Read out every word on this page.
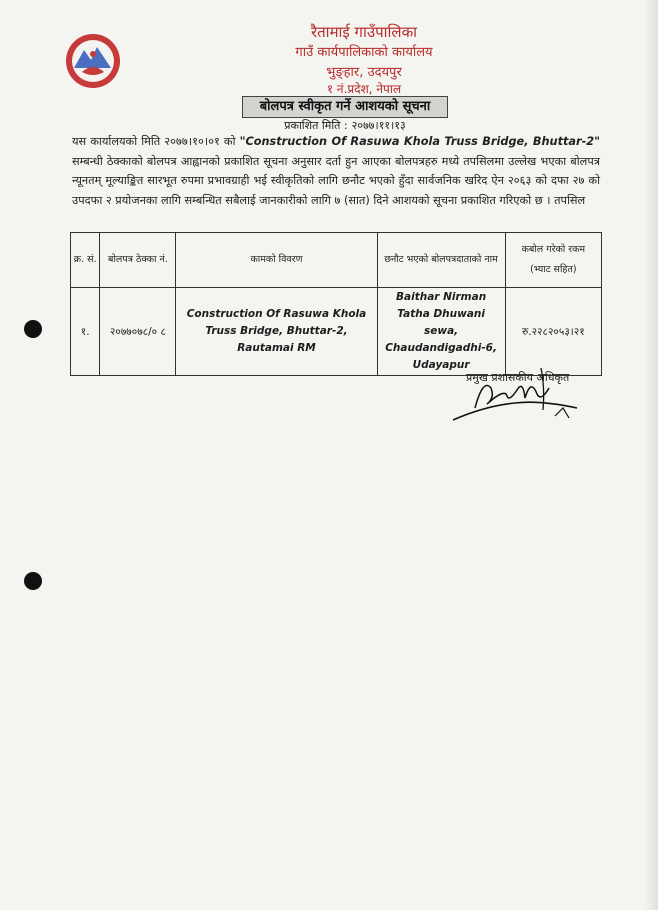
रैतामाई गाउँपालिका
गाउँ कार्यपालिकाको कार्यालय
भुङ्हार, उदयपुर
१ नं.प्रदेश, नेपाल
बोलपत्र स्वीकृत गर्ने आशयको सूचना
प्रकाशित मिति : २०७७।११।१३
यस कार्यालयको मिति २०७७।१०।०१ को "Construction Of Rasuwa Khola Truss Bridge, Bhuttar-2" सम्बन्धी ठेक्काको बोलपत्र आह्वानको प्रकाशित सूचना अनुसार दर्ता हुन आएका बोलपत्रहरु मध्ये तपसिलमा उल्लेख भएका बोलपत्र न्यूनतम् मूल्याङ्कित सारभूत रुपमा प्रभावग्राही भई स्वीकृतिको लागि छनौट भएको हुँदा सार्वजनिक खरिद ऐन २०६३ को दफा २७ को उपदफा २ प्रयोजनका लागि सम्बन्धित सबैलाई जानकारीको लागि ७ (सात) दिने आशयको सूचना प्रकाशित गरिएको छ । तपसिल
क्र. सं.	बोलपत्र ठेक्का नं.	कामको विवरण	छनौट भएको बोलपत्रदाताको नाम	कबोल गरेको रकम
(भ्याट सहित)

१.	२०७७०७८/० ८	Construction Of Rasuwa Khola Truss Bridge, Bhuttar-2, Rautamai RM	Baithar Nirman Tatha Dhuwani sewa, Chaudandigadhi-6, Udayapur	रु.२२८२०५३।२१
प्रमुख प्रशासकीय अधिकृत
